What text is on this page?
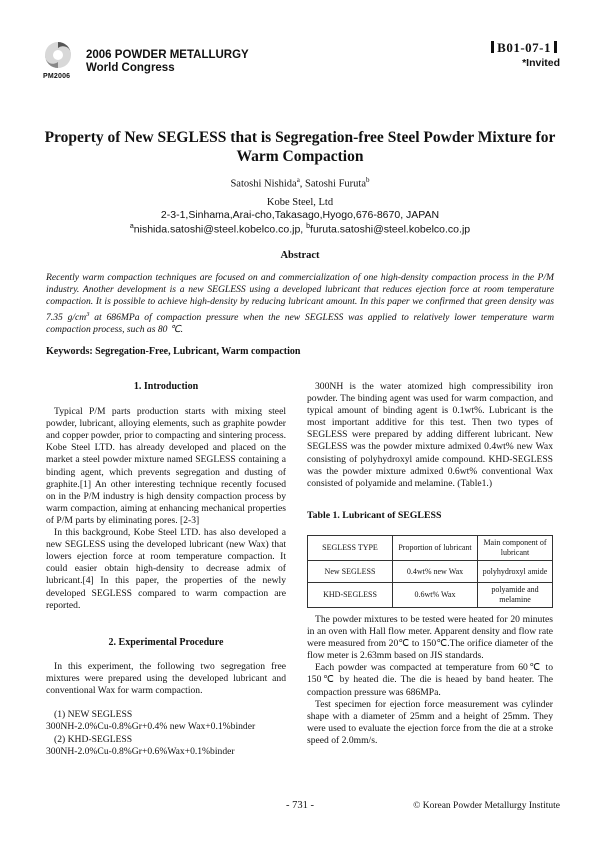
PM2006
2006 POWDER METALLURGY
World Congress
B01-07-1
*Invited
Property of New SEGLESS that is Segregation-free Steel Powder Mixture for Warm Compaction
Satoshi Nishida$^a$, Satoshi Furuta$^b$
Kobe Steel, Ltd
2-3-1,Sinhama,Arai-cho,Takasago,Hyogo,676-8670, JAPAN
$^a$nishida.satoshi@steel.kobelco.co.jp, $^b$furuta.satoshi@steel.kobelco.co.jp
Abstract

Recently warm compaction techniques are focused on and commercialization of one high-density compaction process in the P/M industry. Another development is a new SEGLESS using a developed lubricant that reduces ejection force at room temperature compaction. It is possible to achieve high-density by reducing lubricant amount. In this paper we confirmed that green density was 7.35 $g/cm^3$ at 686MPa of compaction pressure when the new SEGLESS was applied to relatively lower temperature warm compaction process, such as 80 ℃.

Keywords: Segregation-Free, Lubricant, Warm compaction
1. Introduction

Typical P/M parts production starts with mixing steel powder, lubricant, alloying elements, such as graphite powder and copper powder, prior to compacting and sintering process. Kobe Steel LTD. has already developed and placed on the market a steel powder mixture named SEGLESS containing a binding agent, which prevents segregation and dusting of graphite.[1] An other interesting technique recently focused on in the P/M industry is high density compaction process by warm compaction, aiming at enhancing mechanical properties of P/M parts by eliminating pores. [2-3]

In this background, Kobe Steel LTD. has also developed a new SEGLESS using the developed lubricant (new Wax) that lowers ejection force at room temperature compaction. It could easier obtain high-density to decrease admix of lubricant.[4] In this paper, the properties of the newly developed SEGLESS compared to warm compaction are reported.

2. Experimental Procedure

In this experiment, the following two segregation free mixtures were prepared using the developed lubricant and conventional Wax for warm compaction.

(1) NEW SEGLESS

300NH-2.0%Cu-0.8%Gr+0.4% new Wax+0.1%binder

(2) KHD-SEGLESS

300NH-2.0%Cu-0.8%Gr+0.6%Wax+0.1%binder

300NH is the water atomized high compressibility iron powder. The binding agent was used for warm compaction, and typical amount of binding agent is 0.1wt%. Lubricant is the most important additive for this test. Then two types of SEGLESS were prepared by adding different lubricant. New SEGLESS was the powder mixture admixed 0.4wt% new Wax consisting of polyhydroxyl amide compound. KHD-SEGLESS was the powder mixture admixed 0.6wt% conventional Wax consisted of polyamide and melamine. (Table1.)

Table 1. Lubricant of SEGLESS
SEGLESS TYPE	Proportion of lubricant	Main component of lubricant
New SEGLESS	0.4wt% new Wax	polyhydroxyl amide
KHD-SEGLESS	0.6wt% Wax	polyamide and melamine

The powder mixtures to be tested were heated for 20 minutes in an oven with Hall flow meter. Apparent density and flow rate were measured from 20℃ to 150℃.The orifice diameter of the flow meter is 2.63mm based on JIS standards.

Each powder was compacted at temperature from 60℃ to 150℃ by heated die. The die is heaed by band heater. The compaction pressure was 686MPa.

Test specimen for ejection force measurement was cylinder shape with a diameter of 25mm and a height of 25mm. They were used to evaluate the ejection force from the die at a stroke speed of 2.0mm/s.

- 731 -	© Korean Powder Metallurgy Institute
